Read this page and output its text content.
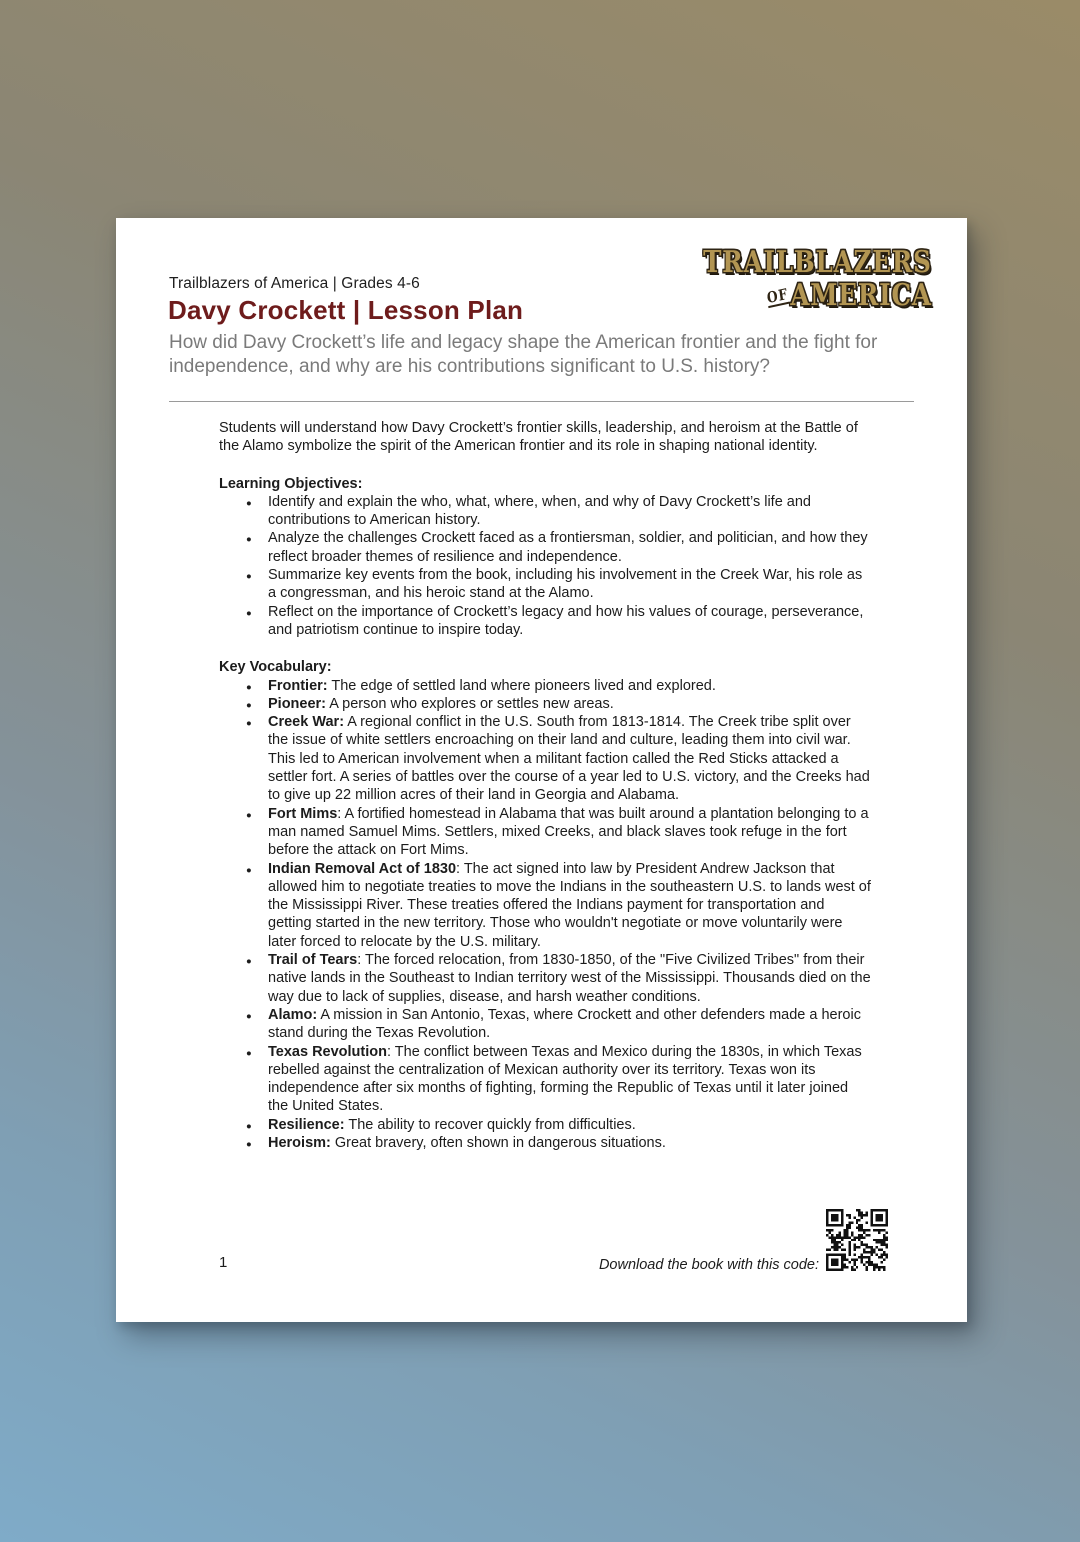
Trailblazers of America | Grades 4-6
Davy Crockett | Lesson Plan

How did Davy Crockett’s life and legacy shape the American frontier and the fight for independence, and why are his contributions significant to U.S. history?

TRAILBLAZERS
OFAMERICA

Students will understand how Davy Crockett’s frontier skills, leadership, and heroism at the Battle of the Alamo symbolize the spirit of the American frontier and its role in shaping national identity.

Learning Objectives:
● Identify and explain the who, what, where, when, and why of Davy Crockett’s life and contributions to American history.
● Analyze the challenges Crockett faced as a frontiersman, soldier, and politician, and how they reflect broader themes of resilience and independence.
● Summarize key events from the book, including his involvement in the Creek War, his role as a congressman, and his heroic stand at the Alamo.
● Reflect on the importance of Crockett’s legacy and how his values of courage, perseverance, and patriotism continue to inspire today.
Key Vocabulary:
● Frontier: The edge of settled land where pioneers lived and explored.
● Pioneer: A person who explores or settles new areas.
● Creek War: A regional conflict in the U.S. South from 1813-1814. The Creek tribe split over the issue of white settlers encroaching on their land and culture, leading them into civil war. This led to American involvement when a militant faction called the Red Sticks attacked a settler fort. A series of battles over the course of a year led to U.S. victory, and the Creeks had to give up 22 million acres of their land in Georgia and Alabama.
● Fort Mims: A fortified homestead in Alabama that was built around a plantation belonging to a man named Samuel Mims. Settlers, mixed Creeks, and black slaves took refuge in the fort before the attack on Fort Mims.
● Indian Removal Act of 1830: The act signed into law by President Andrew Jackson that allowed him to negotiate treaties to move the Indians in the southeastern U.S. to lands west of the Mississippi River. These treaties offered the Indians payment for transportation and getting started in the new territory. Those who wouldn't negotiate or move voluntarily were later forced to relocate by the U.S. military.
● Trail of Tears: The forced relocation, from 1830-1850, of the "Five Civilized Tribes" from their native lands in the Southeast to Indian territory west of the Mississippi. Thousands died on the way due to lack of supplies, disease, and harsh weather conditions.
● Alamo: A mission in San Antonio, Texas, where Crockett and other defenders made a heroic stand during the Texas Revolution.
● Texas Revolution: The conflict between Texas and Mexico during the 1830s, in which Texas rebelled against the centralization of Mexican authority over its territory. Texas won its independence after six months of fighting, forming the Republic of Texas until it later joined the United States.
● Resilience: The ability to recover quickly from difficulties.
● Heroism: Great bravery, often shown in dangerous situations.
1	Download the book with this code:
